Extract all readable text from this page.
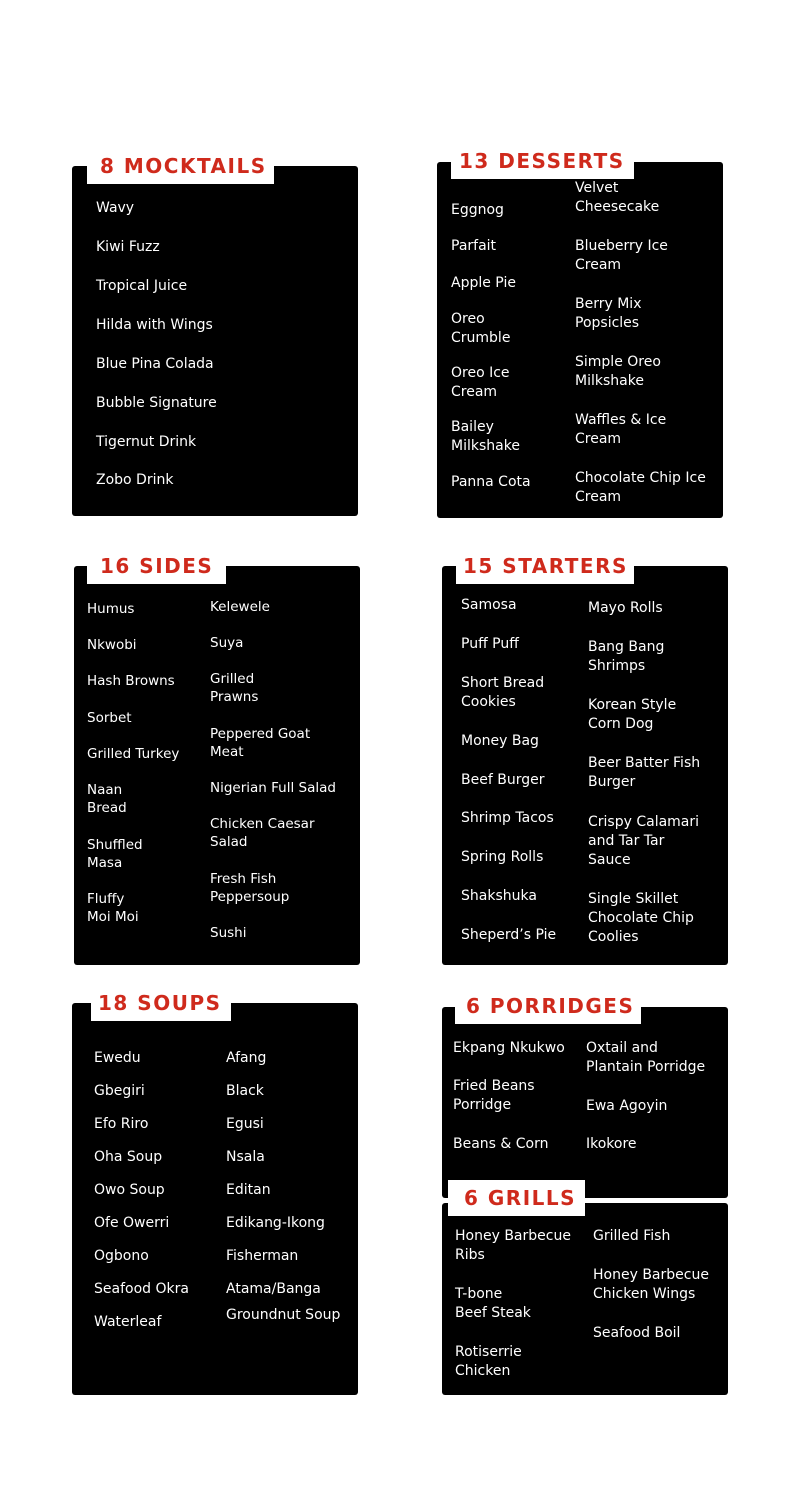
8 MOCKTAILS
Wavy
Kiwi Fuzz
Tropical Juice
Hilda with Wings
Blue Pina Colada
Bubble Signature
Tigernut Drink
Zobo Drink
13 DESSERTS
Eggnog
Parfait
Apple Pie
Oreo
Crumble
Oreo Ice
Cream
Bailey
Milkshake
Panna Cota
Velvet
Cheesecake
Blueberry Ice
Cream
Berry Mix
Popsicles
Simple Oreo
Milkshake
Waffles & Ice
Cream
Chocolate Chip Ice
Cream
16 SIDES
Humus
Nkwobi
Hash Browns
Sorbet
Grilled Turkey
Naan
Bread
Shuffled
Masa
Fluffy
Moi Moi
Kelewele
Suya
Grilled
Prawns
Peppered Goat
Meat
Nigerian Full Salad
Chicken Caesar
Salad
Fresh Fish
Peppersoup
Sushi
15 STARTERS
Samosa
Puff Puff
Short Bread
Cookies
Money Bag
Beef Burger
Shrimp Tacos
Spring Rolls
Shakshuka
Sheperd’s Pie
Mayo Rolls
Bang Bang
Shrimps
Korean Style
Corn Dog
Beer Batter Fish
Burger
Crispy Calamari
and Tar Tar
Sauce
Single Skillet
Chocolate Chip
Coolies
18 SOUPS
Ewedu
Gbegiri
Efo Riro
Oha Soup
Owo Soup
Ofe Owerri
Ogbono
Seafood Okra
Waterleaf
Afang
Black
Egusi
Nsala
Editan
Edikang-Ikong
Fisherman
Atama/Banga
Groundnut Soup
6 PORRIDGES
Ekpang Nkukwo
Fried Beans
Porridge
Beans & Corn
Oxtail and
Plantain Porridge
Ewa Agoyin
Ikokore
6 GRILLS
Honey Barbecue
Ribs
T-bone
Beef Steak
Rotiserrie
Chicken
Grilled Fish
Honey Barbecue
Chicken Wings
Seafood Boil
